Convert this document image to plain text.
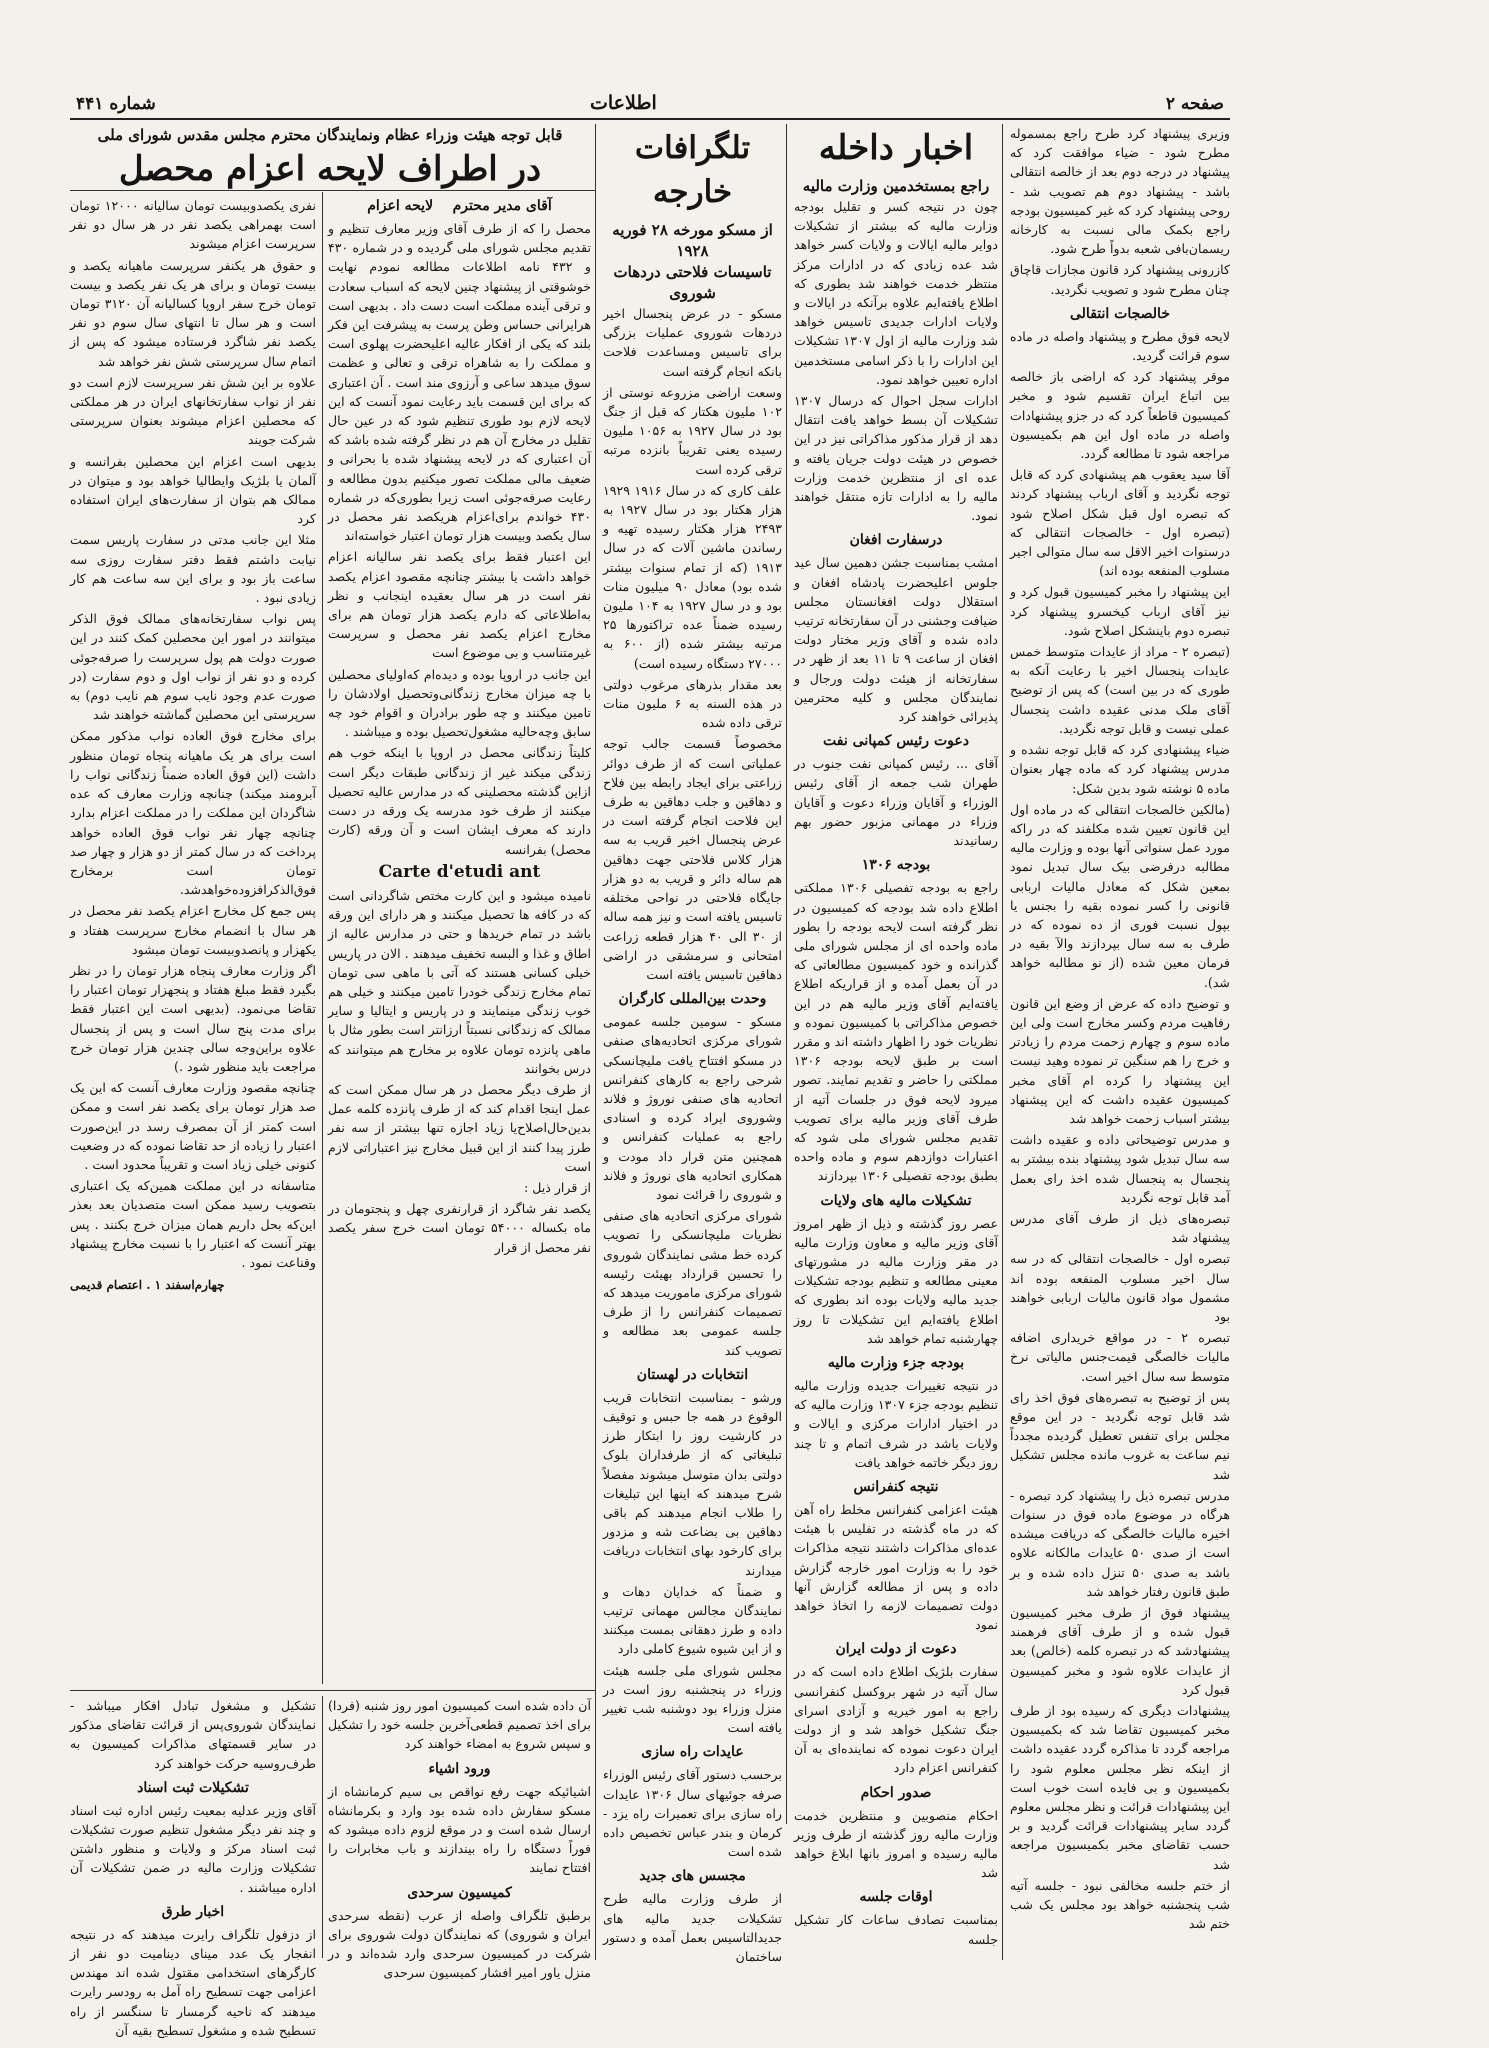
شماره ۴۴۱	اطلاعات	صفحه ۲

وزیری پیشنهاد کرد طرح راجع بمسموله مطرح شود - ضیاء موافقت کرد که پیشنهاد در درجه دوم بعد از خالصه انتقالی باشد - پیشنهاد دوم هم تصویب شد - روحی پیشنهاد کرد که غیر کمیسیون بودجه راجع بکمک مالی نسبت به کارخانه ریسمان‌بافی شعبه بدواً طرح شود.

کازرونی پیشنهاد کرد قانون مجازات قاچاق چنان مطرح شود و تصویب نگردید.

خالصجات انتقالی

لایحه فوق مطرح و پیشنهاد واصله در ماده سوم قرائت گردید.

موقر پیشنهاد کرد که اراضی باز خالصه بین اتباع ایران تقسیم شود و مخبر کمیسیون قاطعاً کرد که در جزو پیشنهادات واصله در ماده اول این هم بکمیسیون مراجعه شود تا مطالعه گردد.

آقا سید یعقوب هم پیشنهادی کرد که قابل توجه نگردید و آقای ارباب پیشنهاد کردند که تبصره اول قبل شکل اصلاح شود (تبصره اول - خالصجات انتقالی که درسنوات اخیر الاقل سه سال متوالی اجیر مسلوب المنفعه بوده اند)

این پیشنهاد را مخبر کمیسیون قبول کرد و نیز آقای ارباب کیخسرو پیشنهاد کرد تبصره دوم باینشکل اصلاح شود.

(تبصره ۲ - مراد از عایدات متوسط خمس عایدات پنجسال اخیر با رعایت آنکه به طوری که در بین است) که پس از توضیح آقای ملک مدنی عقیده داشت پنجسال عملی نیست و قابل توجه نگردید.

ضیاء پیشنهادی کرد که قابل توجه نشده و مدرس پیشنهاد کرد که ماده چهار بعنوان ماده ۵ نوشته شود بدین شکل:

(مالکین خالصجات انتقالی که در ماده اول این قانون تعیین شده مکلفند که در راکه مورد عمل سنواتی آنها بوده و وزارت مالیه مطالبه درفرضی بیک سال تبدیل نمود بمعین شکل که معادل مالیات اربابی قانونی را کسر نموده بقیه را بجنس یا بپول نسبت فوری از ده نموده که در طرف به سه سال بپردازند والآ بقیه در فرمان معین شده (از نو مطالبه خواهد شد).

و توضیح داده که عرض از وضع این قانون رفاهیت مردم وکسر مخارج است ولی این ماده سوم و چهارم زحمت مردم را زیادتر و خرج را هم سنگین تر نموده وهید نیست این پیشنهاد را کرده ام آقای مخبر کمیسیون عقیده داشت که این پیشنهاد بیشتر اسباب زحمت خواهد شد

و مدرس توضیحاتی داده و عقیده داشت سه سال تبدیل شود پیشنهاد بنده بیشتر به پنجسال به پنجسال شده اخذ رای بعمل آمد قابل توجه نگردید

تبصره‌های ذیل از طرف آقای مدرس پیشنهاد شد

تبصره اول - خالصجات انتقالی که در سه سال اخیر مسلوب المنفعه بوده اند مشمول مواد قانون مالیات اربابی خواهند بود

تبصره ۲ - در مواقع خریداری اضافه مالیات خالصگی قیمت‌جنس مالیاتی نرخ متوسط سه سال اخیر است.

پس از توضیح به تبصره‌های فوق اخذ رای شد قابل توجه نگردید - در این موقع مجلس برای تنفس تعطیل گردیده مجدداً نیم ساعت به غروب مانده مجلس تشکیل شد

مدرس تبصره ذیل را پیشنهاد کرد تبصره - هرگاه در موضوع ماده فوق در سنوات اخیره مالیات خالصگی که دریافت میشده است از صدی ۵۰ عایدات مالکانه علاوه باشد به صدی ۵۰ تنزل داده شده و بر طبق قانون رفتار خواهد شد

پیشنهاد فوق از طرف مخبر کمیسیون قبول شده و از طرف آقای فرهمند پیشنهادشد که در تبصره کلمه (خالص) بعد از عایدات علاوه شود و مخبر کمیسیون قبول کرد

پیشنهادات دیگری که رسیده بود از طرف مخبر کمیسیون تقاضا شد که بکمیسیون مراجعه گردد تا مذاکره گردد عقیده داشت از اینکه نظر مجلس معلوم شود را بکمیسیون و بی فایده است خوب است این پیشنهادات قرائت و نظر مجلس معلوم گردد سایر پیشنهادات قرائت گردید و بر حسب تقاضای مخبر بکمیسیون مراجعه شد

از ختم جلسه مخالفی نبود - جلسه آتیه شب پنجشنبه خواهد بود مجلس یک شب ختم شد

اخبار داخله
راجع بمستخدمین وزارت مالیه

چون در نتیجه کسر و تقلیل بودجه وزارت مالیه که بیشتر از تشکیلات دوایر مالیه ایالات و ولایات کسر خواهد شد عده زیادی که در ادارات مرکز منتظر خدمت خواهند شد بطوری که اطلاع یافته‌ایم علاوه برآنکه در ایالات و ولایات ادارات جدیدی تاسیس خواهد شد وزارت مالیه از اول ۱۳۰۷ تشکیلات این ادارات را با ذکر اسامی مستخدمین اداره تعیین خواهد نمود.

ادارات سجل احوال که درسال ۱۳۰۷ تشکیلات آن بسط خواهد یافت انتقال دهد از قرار مذکور مذاکراتی نیز در این خصوص در هیئت دولت جریان یافته و عده ای از منتظرین خدمت وزارت مالیه را به ادارات تازه منتقل خواهند نمود.

درسفارت افغان

امشب بمناسبت جشن دهمین سال عید جلوس اعلیحضرت پادشاه افغان و استقلال دولت افغانستان مجلس ضیافت وجشنی در آن سفارتخانه ترتیب داده شده و آقای وزیر مختار دولت افغان از ساعت ۹ تا ۱۱ بعد از ظهر در سفارتخانه از هیئت دولت ورجال و نمایندگان مجلس و کلیه محترمین پذیرائی خواهند کرد

دعوت رئیس کمپانی نفت

آقای ... رئیس کمپانی نفت جنوب در طهران شب جمعه از آقای رئیس الوزراء و آقایان وزراء دعوت و آقایان وزراء در مهمانی مزبور حضور بهم رسانیدند

بودجه ۱۳۰۶

راجع به بودجه تفصیلی ۱۳۰۶ مملکتی اطلاع داده شد بودجه که کمیسیون در نظر گرفته است لایحه بودجه را بطور ماده واحده ای از مجلس شورای ملی گذرانده و خود کمیسیون مطالعاتی که در آن بعمل آمده و از قراریکه اطلاع یافته‌ایم آقای وزیر مالیه هم در این خصوص مذاکراتی با کمیسیون نموده و نظریات خود را اظهار داشته اند و مقرر است بر طبق لایحه بودجه ۱۳۰۶ مملکتی را حاضر و تقدیم نمایند. تصور میرود لایحه فوق در جلسات آتیه از طرف آقای وزیر مالیه برای تصویب تقدیم مجلس شورای ملی شود که اعتبارات دوازدهم سوم و ماده واحده بطبق بودجه تفصیلی ۱۳۰۶ بپردازند

تشکیلات مالیه های ولایات

عصر روز گذشته و ذیل از ظهر امروز آقای وزیر مالیه و معاون وزارت مالیه در مقر وزارت مالیه در مشورتهای معینی مطالعه و تنظیم بودجه تشکیلات جدید مالیه ولایات بوده اند بطوری که اطلاع یافته‌ایم این تشکیلات تا روز چهارشنبه تمام خواهد شد

بودجه جزء وزارت مالیه

در نتیجه تغییرات جدیده وزارت مالیه تنظیم بودجه جزء ۱۳۰۷ وزارت مالیه که در اختیار ادارات مرکزی و ایالات و ولایات باشد در شرف اتمام و تا چند روز دیگر خاتمه خواهد یافت

نتیجه کنفرانس

هیئت اعزامی کنفرانس مخلط راه آهن که در ماه گذشته در تفلیس با هیئت عده‌ای مذاکرات داشتند نتیجه مذاکرات خود را به وزارت امور خارجه گزارش داده و پس از مطالعه گزارش آنها دولت تصمیمات لازمه را اتخاذ خواهد نمود

دعوت از دولت ایران

سفارت بلژیک اطلاع داده است که در سال آتیه در شهر بروکسل کنفرانسی راجع به امور خیریه و آزادی اسرای جنگ تشکیل خواهد شد و از دولت ایران دعوت نموده که نماینده‌ای به آن کنفرانس اعزام دارد

صدور احکام

احکام منصوبین و منتظرین خدمت وزارت مالیه روز گذشته از طرف وزیر مالیه رسیده و امروز بانها ابلاغ خواهد شد

اوقات جلسه

بمناسبت تصادف ساعات کار تشکیل جلسه

تلگرافات خارجه
از مسکو مورخه ۲۸ فوریه ۱۹۲۸
تاسیسات فلاحتی دردهات شوروی

مسکو - در عرض پنجسال اخیر دردهات شوروی عملیات بزرگی برای تاسیس ومساعدت فلاحت بانکه انجام گرفته است

وسعت اراضی مزروعه نوستی از ۱۰۲ ملیون هکتار که قبل از جنگ بود در سال ۱۹۲۷ به ۱۰۵۶ ملیون رسیده یعنی تقریباً بانزده مرتبه ترقی کرده است

علف کاری که در سال ۱۹۱۶ ۱۹۲۹ هزار هکتار بود در سال ۱۹۲۷ به ۲۴۹۳ هزار هکتار رسیده تهیه و رساندن ماشین آلات که در سال ۱۹۱۳ (که از تمام سنوات بیشتر شده بود) معادل ۹۰ میلیون منات بود و در سال ۱۹۲۷ به ۱۰۴ ملیون رسیده ضمناً عده تراکتورها ۲۵ مرتبه بیشتر شده (از ۶۰۰ به ۲۷۰۰۰ دستگاه رسیده است)

بعد مقدار بذرهای مرغوب دولتی در هذه السنه به ۶ ملیون منات ترقی داده شده

مخصوصاً قسمت جالب توجه عملیاتی است که از طرف دوائر زراعتی برای ایجاد رابطه بین فلاح و دهاقین و جلب دهاقین به طرف این فلاحت انجام گرفته است در عرض پنجسال اخیر قریب به سه هزار کلاس فلاحتی جهت دهاقین هم ساله دائر و قریب به دو هزار جایگاه فلاحتی در نواحی مختلفه تاسیس یافته است و نیز همه ساله از ۳۰ الی ۴۰ هزار قطعه زراعت امتحانی و سرمشقی در اراضی دهاقین تاسیس یافته است

وحدت بین‌المللی کارگران

مسکو - سومین جلسه عمومی شورای مرکزی اتحادیه‌های صنفی در مسکو افتتاح یافت ملیچانسکی شرحی راجع به کارهای کنفرانس اتحادیه های صنفی نوروژ و فلاند وشوروی ایراد کرده و اسنادی راجع به عملیات کنفرانس و همچنین متن قرار داد مودت و همکاری اتحادیه های نوروژ و فلاند و شوروی را قرائت نمود

شورای مرکزی اتحادیه های صنفی نظریات ملیچانسکی را تصویب کرده خط مشی نمایندگان شوروی را تحسین قرارداد بهیئت رئیسه شورای مرکزی ماموریت میدهد که تصمیمات کنفرانس را از طرف جلسه عمومی بعد مطالعه و تصویب کند

انتخابات در لهستان

ورشو - بمناسبت انتخابات قریب الوقوع در همه جا حبس و توقیف در کارشیت روز را ابتکار طرز تبلیغاتی که از طرفداران بلوک دولتی بدان متوسل میشوند مفصلاً شرح میدهند که اینها این تبلیغات را طلاب انجام میدهند کم باقی دهاقین بی بضاعت شه و مزدور برای کارخود بهای انتخابات دریافت میدارند

و ضمناً که خدایان دهات و نمایندگان مجالس مهمانی ترتیب داده و طرز دهقانی بمست میکنند و از این شیوه شیوع کاملی دارد

مجلس شورای ملی جلسه هیئت وزراء در پنجشنبه روز است در منزل وزراء بود دوشنبه شب تغییر یافته است

عایدات راه سازی

برحسب دستور آقای رئیس الوزراء صرفه جوئیهای سال ۱۳۰۶ عایدات راه سازی برای تعمیرات راه یزد - کرمان و بندر عباس تخصیص داده شده است

مجسس های جدید

از طرف وزارت مالیه طرح تشکیلات جدید مالیه های جدیدالتاسیس بعمل آمده و دستور ساختمان

قابل توجه هیئت وزراء عظام ونمایندگان محترم مجلس مقدس شورای ملی
در اطراف لایحه اعزام محصل
آقای مدیر محترم    لایحه اعزام

محصل را که از طرف آقای وزیر معارف تنظیم و تقدیم مجلس شورای ملی گردیده و در شماره ۴۳۰ و ۴۳۲ نامه اطلاعات مطالعه نمودم نهایت خوشوقتی از پیشنهاد چنین لایحه که اسباب سعادت و ترقی آینده مملکت است دست داد . بدیهی است هرایرانی حساس وطن پرست به پیشرفت این فکر بلند که یکی از افکار عالیه اعلیحضرت پهلوی است و مملکت را به شاهراه ترقی و تعالی و عظمت سوق میدهد ساعی و آرزوی مند است . آن اعتباری که برای این قسمت باید رعایت نمود آنست که این لایحه لازم بود طوری تنظیم شود که در عین حال تقلیل در مخارج آن هم در نظر گرفته شده باشد که آن اعتباری که در لایحه پیشنهاد شده با بحرانی و ضعیف مالی مملکت تصور میکنیم بدون مطالعه و رعایت صرفه‌جوئی است زیرا بطوری‌که در شماره ۴۳۰ خواندم برای‌اعزام هریکصد نفر محصل در سال یکصد وبیست هزار تومان اعتبار خواسته‌اند

این اعتبار فقط برای یکصد نفر سالیانه اعزام خواهد داشت یا بیشتر چنانچه مقصود اعزام یکصد نفر است در هر سال بعقیده اینجانب و نظر به‌اطلاعاتی که دارم یکصد هزار تومان هم برای مخارج اعزام یکصد نفر محصل و سرپرست غیرمتناسب و بی موضوع است

این جانب در اروپا بوده و دیده‌ام که‌اولیای محصلین با چه میزان مخارج زندگانی‌وتحصیل اولادشان را تامین میکنند و چه طور برادران و اقوام خود چه سابق وچه‌حالیه مشغول‌تحصیل بوده و میباشند .

کلیتاً زندگانی محصل در اروپا با اینکه خوب هم زندگی میکند غیر از زندگانی طبقات دیگر است ازاین گذشته محصلینی که در مدارس عالیه تحصیل میکنند از طرف خود مدرسه یک ورقه در دست دارند که معرف ایشان است و آن ورقه (کارت محصل) بفرانسه

Carte d'etudi ant

نامیده میشود و این کارت مختص شاگردانی است که در کافه ها تحصیل میکنند و هر دارای این ورقه باشد در تمام خریدها و حتی در مدارس عالیه از اطاق و غذا و البسه تخفیف میدهند . الان در پاریس خیلی کسانی هستند که آتی با ماهی سی تومان تمام مخارج زندگی خودرا تامین میکنند و خیلی هم خوب زندگی مینمایند و در پاریس و ایتالیا و سایر ممالک که زندگانی نسبتاً ارزانتر است بطور مثال با ماهی پانزده تومان علاوه بر مخارج هم میتوانند که درس بخوانند

از طرف دیگر محصل در هر سال ممکن است که عمل اینجا اقدام کند که از طرف پانزده کلمه عمل بدین‌حال‌اصلاح‌یا زیاد اجازه تنها بیشتر از سه نفر طرز پیدا کنند از این قبیل مخارج نیز اعتباراتی لازم است

از قرار ذیل :

یکصد نفر شاگرد از قرارنفری چهل و پنجتومان در ماه بکساله ۵۴۰۰۰ تومان است خرج سفر یکصد نفر محصل از قرار

نفری یکصدوبیست تومان سالیانه ۱۲۰۰۰ تومان است بهمراهی یکصد نفر در هر سال دو نفر سرپرست اعزام میشوند

و حقوق هر یکنفر سرپرست ماهیانه یکصد و بیست تومان و برای هر یک نفر یکصد و بیست تومان خرج سفر اروپا کسالیانه آن ۳۱۲۰ تومان است و هر سال تا انتهای سال سوم دو نفر یکصد نفر شاگرد فرستاده میشود که پس از اتمام سال سرپرستی شش نفر خواهد شد

علاوه بر این شش نفر سرپرست لازم است دو نفر از نواب سفارتخانهای ایران در هر مملکتی که محصلین اعزام میشوند بعنوان سرپرستی شرکت جویند

بدیهی است اعزام این محصلین بفرانسه و آلمان یا بلژیک وایطالیا خواهد بود و میتوان در ممالک هم بتوان از سفارت‌های ایران استفاده کرد

مثلا این جانب مدتی در سفارت پاریس سمت نیابت داشتم فقط دفتر سفارت روزی سه ساعت باز بود و برای این سه ساعت هم کار زیادی نبود .

پس نواب سفارتخانه‌های ممالک فوق الذکر میتوانند در امور این محصلین کمک کنند در این صورت دولت هم پول سرپرست را صرفه‌جوئی کرده و دو نفر از نواب اول و دوم سفارت (در صورت عدم وجود نایب سوم هم نایب دوم) به سرپرستی این محصلین گماشته خواهند شد

برای مخارج فوق العاده نواب مذکور ممکن است برای هر یک ماهیانه پنجاه تومان منظور داشت (این فوق العاده ضمناً زندگانی نواب را آبرومند میکند) چنانچه وزارت معارف که عده شاگردان این مملکت را در مملکت اعزام بدارد چنانچه چهار نفر نواب فوق العاده خواهد پرداخت که در سال کمتر از دو هزار و چهار صد تومان است برمخارج فوق‌الذکرافزوده‌خواهدشد.

پس جمع کل مخارج اعزام یکصد نفر محصل در هر سال با انضمام مخارج سرپرست هفتاد و یکهزار و پانصدوبیست تومان میشود

اگر وزارت معارف پنجاه هزار تومان را در نظر بگیرد فقط مبلغ هفتاد و پنجهزار تومان اعتبار را تقاضا می‌نمود. (بدیهی است این اعتبار فقط برای مدت پنج سال است و پس از پنجسال علاوه براین‌وجه سالی چندین هزار تومان خرج مراجعت باید منظور شود .)

چنانچه مقصود وزارت معارف آنست که این یک صد هزار تومان برای یکصد نفر است و ممکن است کمتر از آن بمصرف رسد در این‌صورت اعتبار را زیاده از حد تقاضا نموده که در وضعیت کنونی خیلی زیاد است و تقریباً محدود است .

متاسفانه در این مملکت همین‌که یک اعتباری بتصویب رسید ممکن است متصدیان بعد بعذر این‌که بحل داریم همان میزان خرج بکنند . پس بهتر آنست که اعتبار را با نسبت مخارج پیشنهاد وقناعت نمود .

چهارم‌اسفند ۱ . اعتصام قدیمی

تشکیل و مشغول تبادل افکار میباشد - نمایندگان شوروی‌پس از قرائت تقاضای مذکور در سایر قسمتهای مذاکرات کمیسیون به طرف‌روسیه حرکت خواهند کرد

تشکیلات ثبت اسناد

آقای وزیر عدلیه بمعیت رئیس اداره ثبت اسناد و چند نفر دیگر مشغول تنظیم صورت تشکیلات ثبت اسناد مرکز و ولایات و منظور داشتن تشکیلات وزارت مالیه در ضمن تشکیلات آن اداره میباشند .

اخبار طرق

از دزفول تلگراف رایرت میدهند که در نتیجه انفجار یک عدد مینای دینامیت دو نفر از کارگرهای استخدامی مقتول شده اند مهندس اعزامی جهت تسطیح راه آمل به رودسر رایرت میدهند که ناحیه گرمسار تا سنگسر از راه تسطیح شده و مشغول تسطیح بقیه آن

آن داده شده است کمیسیون امور روز شنبه (فردا) برای اخذ تصمیم قطعی‌آخرین جلسه خود را تشکیل و سپس شروع به امضاء خواهند کرد

ورود اشیاء

اشیائیکه جهت رفع نواقص بی سیم کرمانشاه از مسکو سفارش داده شده بود وارد و بکرمانشاه ارسال شده است و در موقع لزوم داده میشود که فوراً دستگاه را راه بیندازند و باب مخابرات را افتتاح نمایند

کمیسیون سرحدی

برطبق تلگراف واصله از عرب (نقطه سرحدی ایران و شوروی) که نمایندگان دولت شوروی برای شرکت در کمیسیون سرحدی وارد شده‌اند و در منزل یاور امیر افشار کمیسیون سرحدی
